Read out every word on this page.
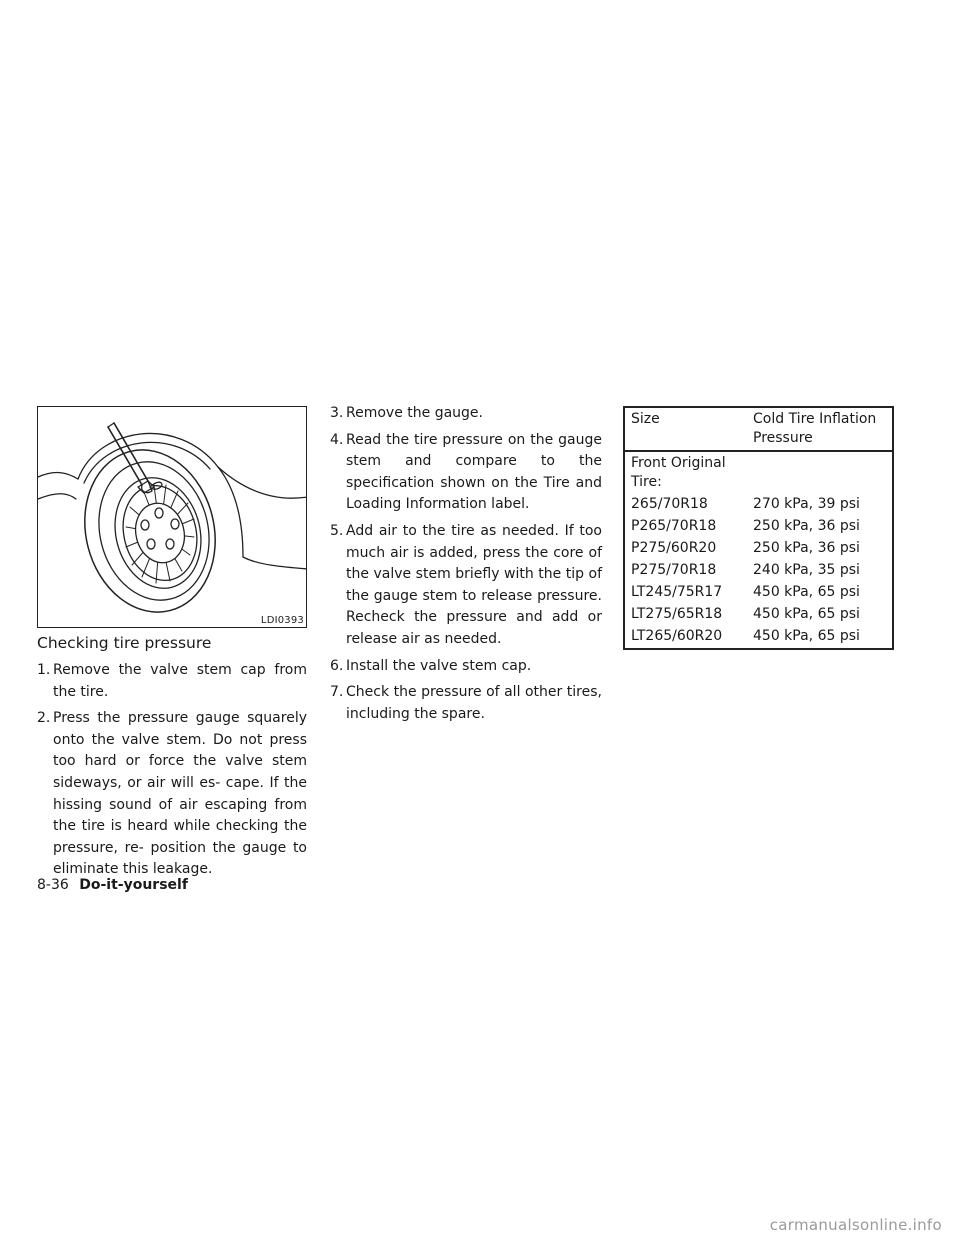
LDI0393
Checking tire pressure
1. Remove the valve stem cap from the tire.
2. Press the pressure gauge squarely onto the valve stem. Do not press too hard or force the valve stem sideways, or air will es- cape. If the hissing sound of air escaping from the tire is heard while checking the pressure, re- position the gauge to eliminate this leakage.
3. Remove the gauge.
4. Read the tire pressure on the gauge stem and compare to the specification shown on the Tire and Loading Information label.
5. Add air to the tire as needed. If too much air is added, press the core of the valve stem briefly with the tip of the gauge stem to release pressure. Recheck the pressure and add or release air as needed.
6. Install the valve stem cap.
7. Check the pressure of all other tires, including the spare.
Size	Cold Tire Inflation Pressure
Front Original Tire:	
265/70R18	270 kPa, 39 psi
P265/70R18	250 kPa, 36 psi
P275/60R20	250 kPa, 36 psi
P275/70R18	240 kPa, 35 psi
LT245/75R17	450 kPa, 65 psi
LT275/65R18	450 kPa, 65 psi
LT265/60R20	450 kPa, 65 psi
8-36 Do-it-yourself
carmanualsonline.info
